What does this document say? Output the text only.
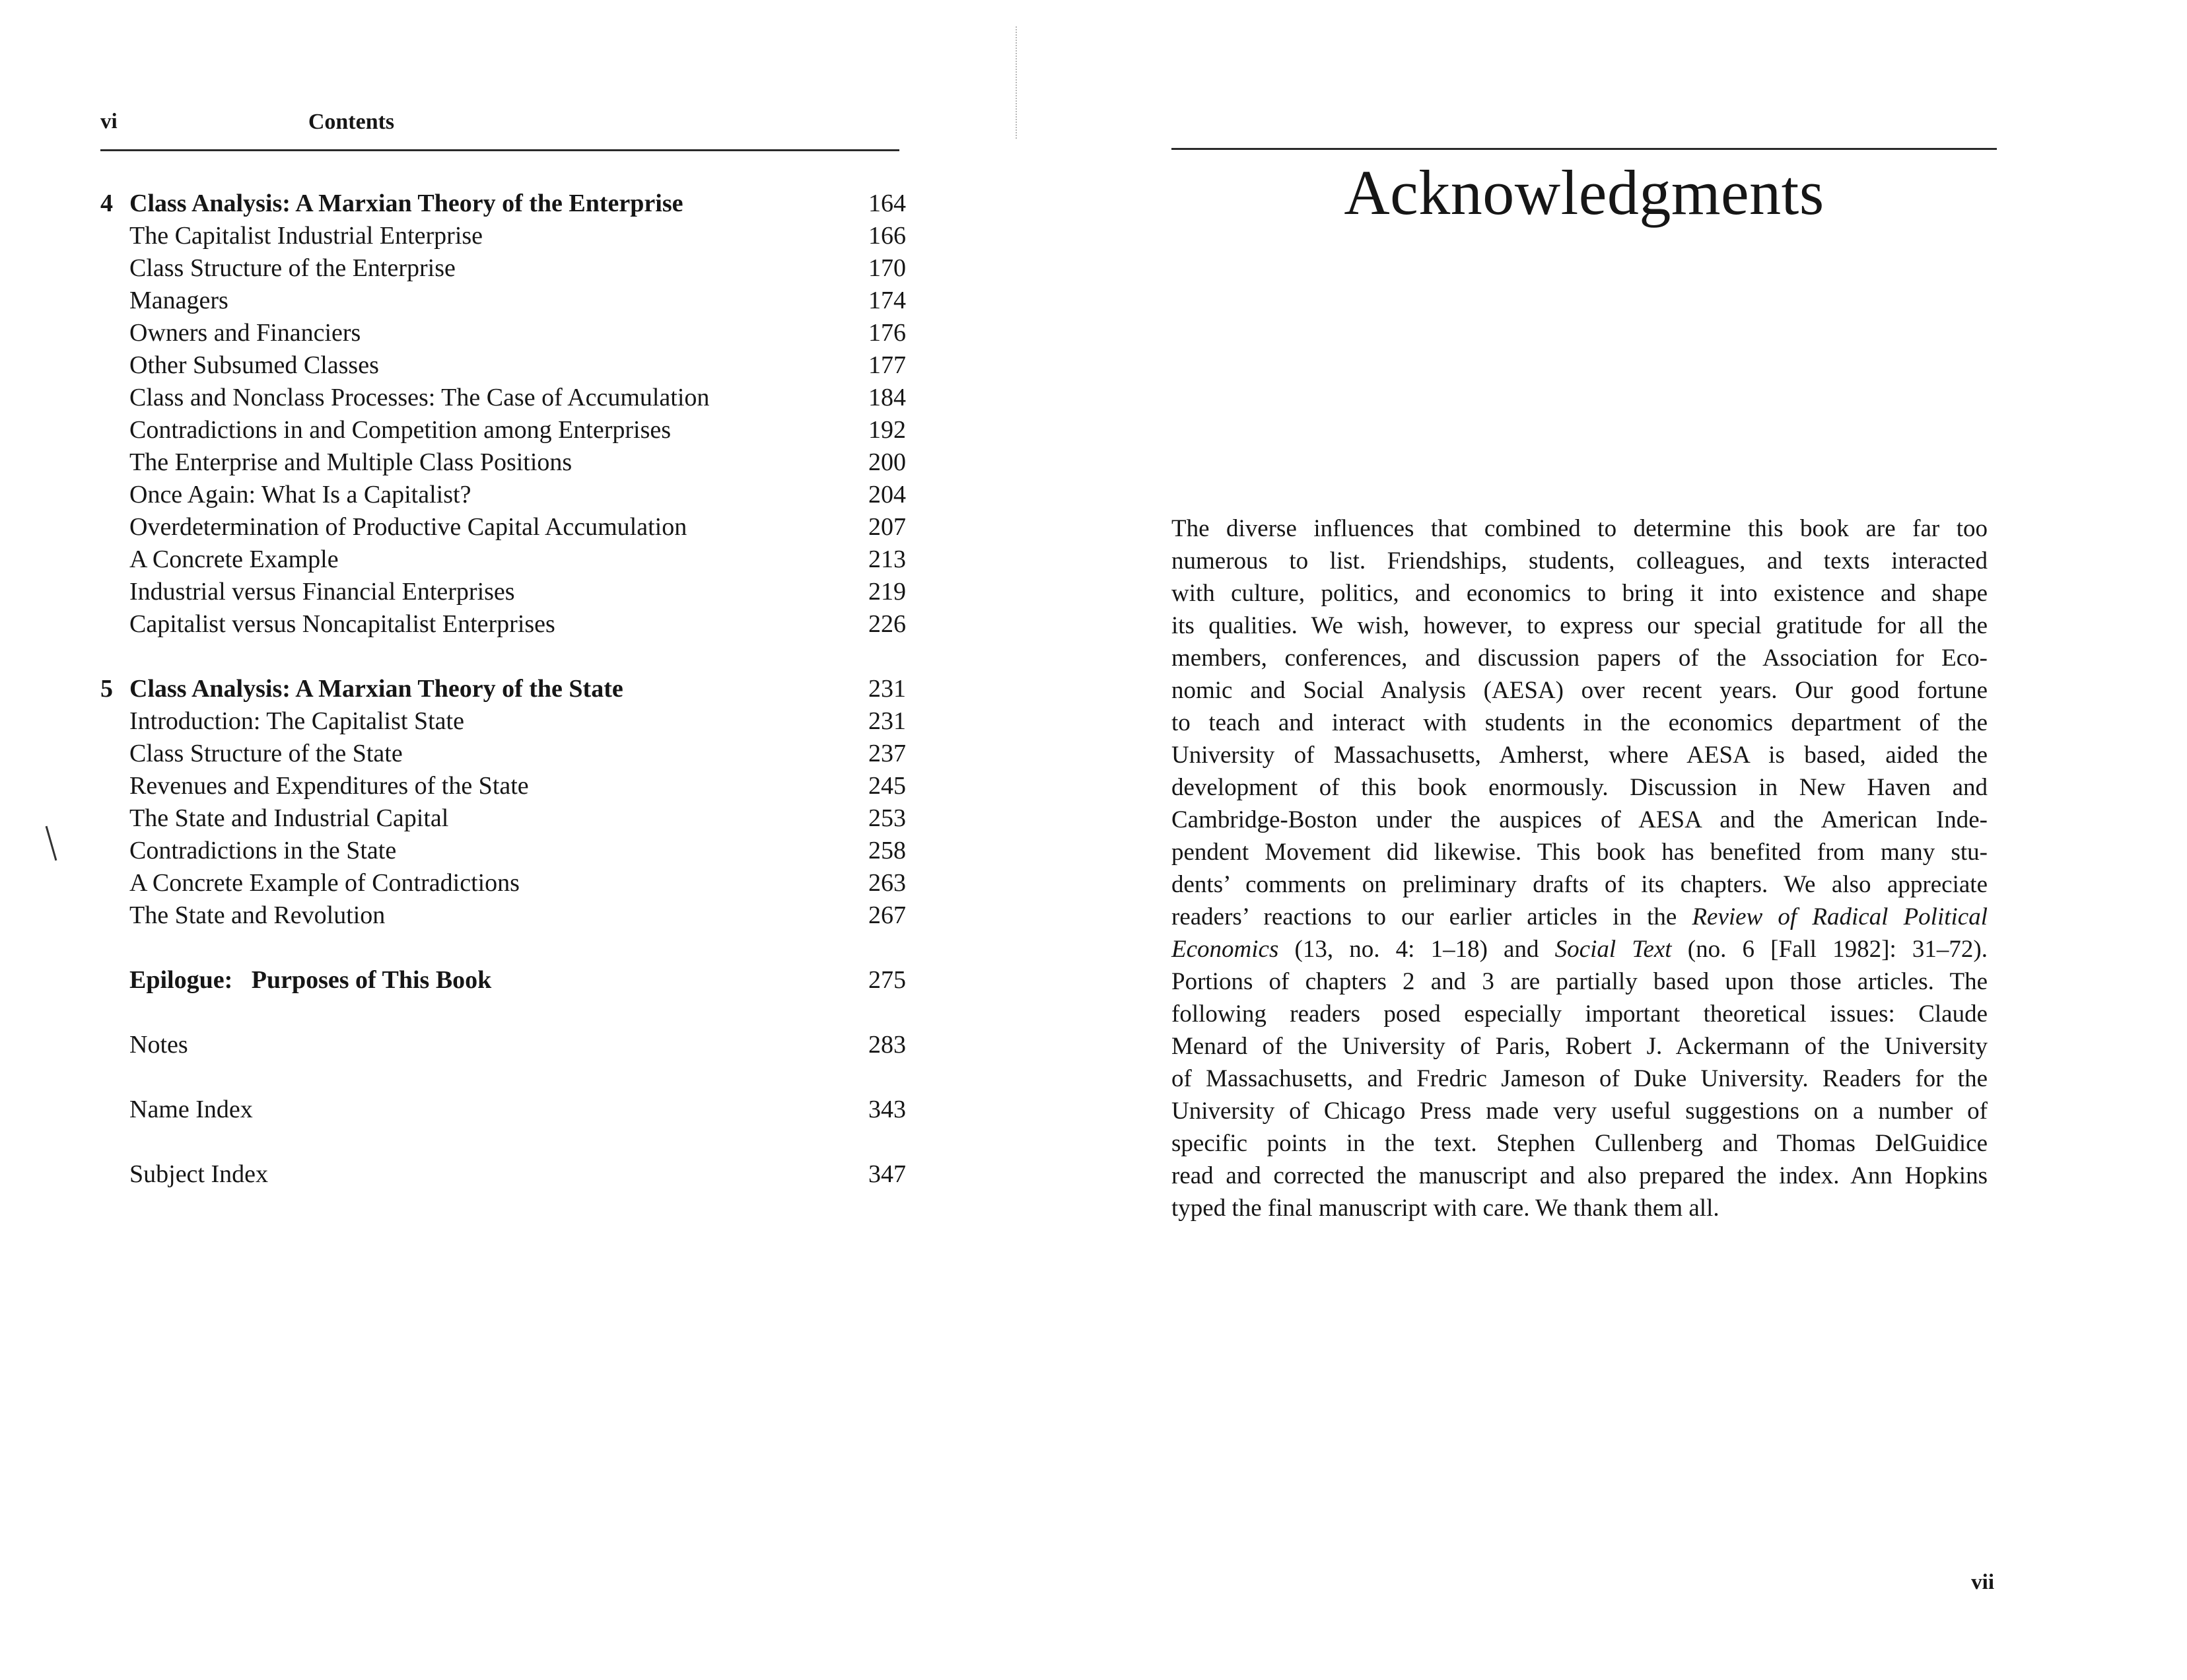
vi	Contents
4 Class Analysis: A Marxian Theory of the Enterprise	164
The Capitalist Industrial Enterprise	166
Class Structure of the Enterprise	170
Managers	174
Owners and Financiers	176
Other Subsumed Classes	177
Class and Nonclass Processes: The Case of Accumulation	184
Contradictions in and Competition among Enterprises	192
The Enterprise and Multiple Class Positions	200
Once Again: What Is a Capitalist?	204
Overdetermination of Productive Capital Accumulation	207
A Concrete Example	213
Industrial versus Financial Enterprises	219
Capitalist versus Noncapitalist Enterprises	226
5 Class Analysis: A Marxian Theory of the State	231
Introduction: The Capitalist State	231
Class Structure of the State	237
Revenues and Expenditures of the State	245
The State and Industrial Capital	253
Contradictions in the State	258
A Concrete Example of Contradictions	263
The State and Revolution	267
Epilogue:   Purposes of This Book	275
Notes	283
Name Index	343
Subject Index	347
Acknowledgments
The diverse influences that combined to determine this book are far too
numerous to list. Friendships, students, colleagues, and texts interacted
with culture, politics, and economics to bring it into existence and shape
its qualities. We wish, however, to express our special gratitude for all the
members, conferences, and discussion papers of the Association for Eco-
nomic and Social Analysis (AESA) over recent years. Our good fortune
to teach and interact with students in the economics department of the
University of Massachusetts, Amherst, where AESA is based, aided the
development of this book enormously. Discussion in New Haven and
Cambridge-Boston under the auspices of AESA and the American Inde-
pendent Movement did likewise. This book has benefited from many stu-
dents’ comments on preliminary drafts of its chapters. We also appreciate
readers’ reactions to our earlier articles in the Review of Radical Political
Economics (13, no. 4: 1–18) and Social Text (no. 6 [Fall 1982]: 31–72).
Portions of chapters 2 and 3 are partially based upon those articles. The
following readers posed especially important theoretical issues: Claude
Menard of the University of Paris, Robert J. Ackermann of the University
of Massachusetts, and Fredric Jameson of Duke University. Readers for the
University of Chicago Press made very useful suggestions on a number of
specific points in the text. Stephen Cullenberg and Thomas DelGuidice
read and corrected the manuscript and also prepared the index. Ann Hopkins
typed the final manuscript with care. We thank them all.
vii
